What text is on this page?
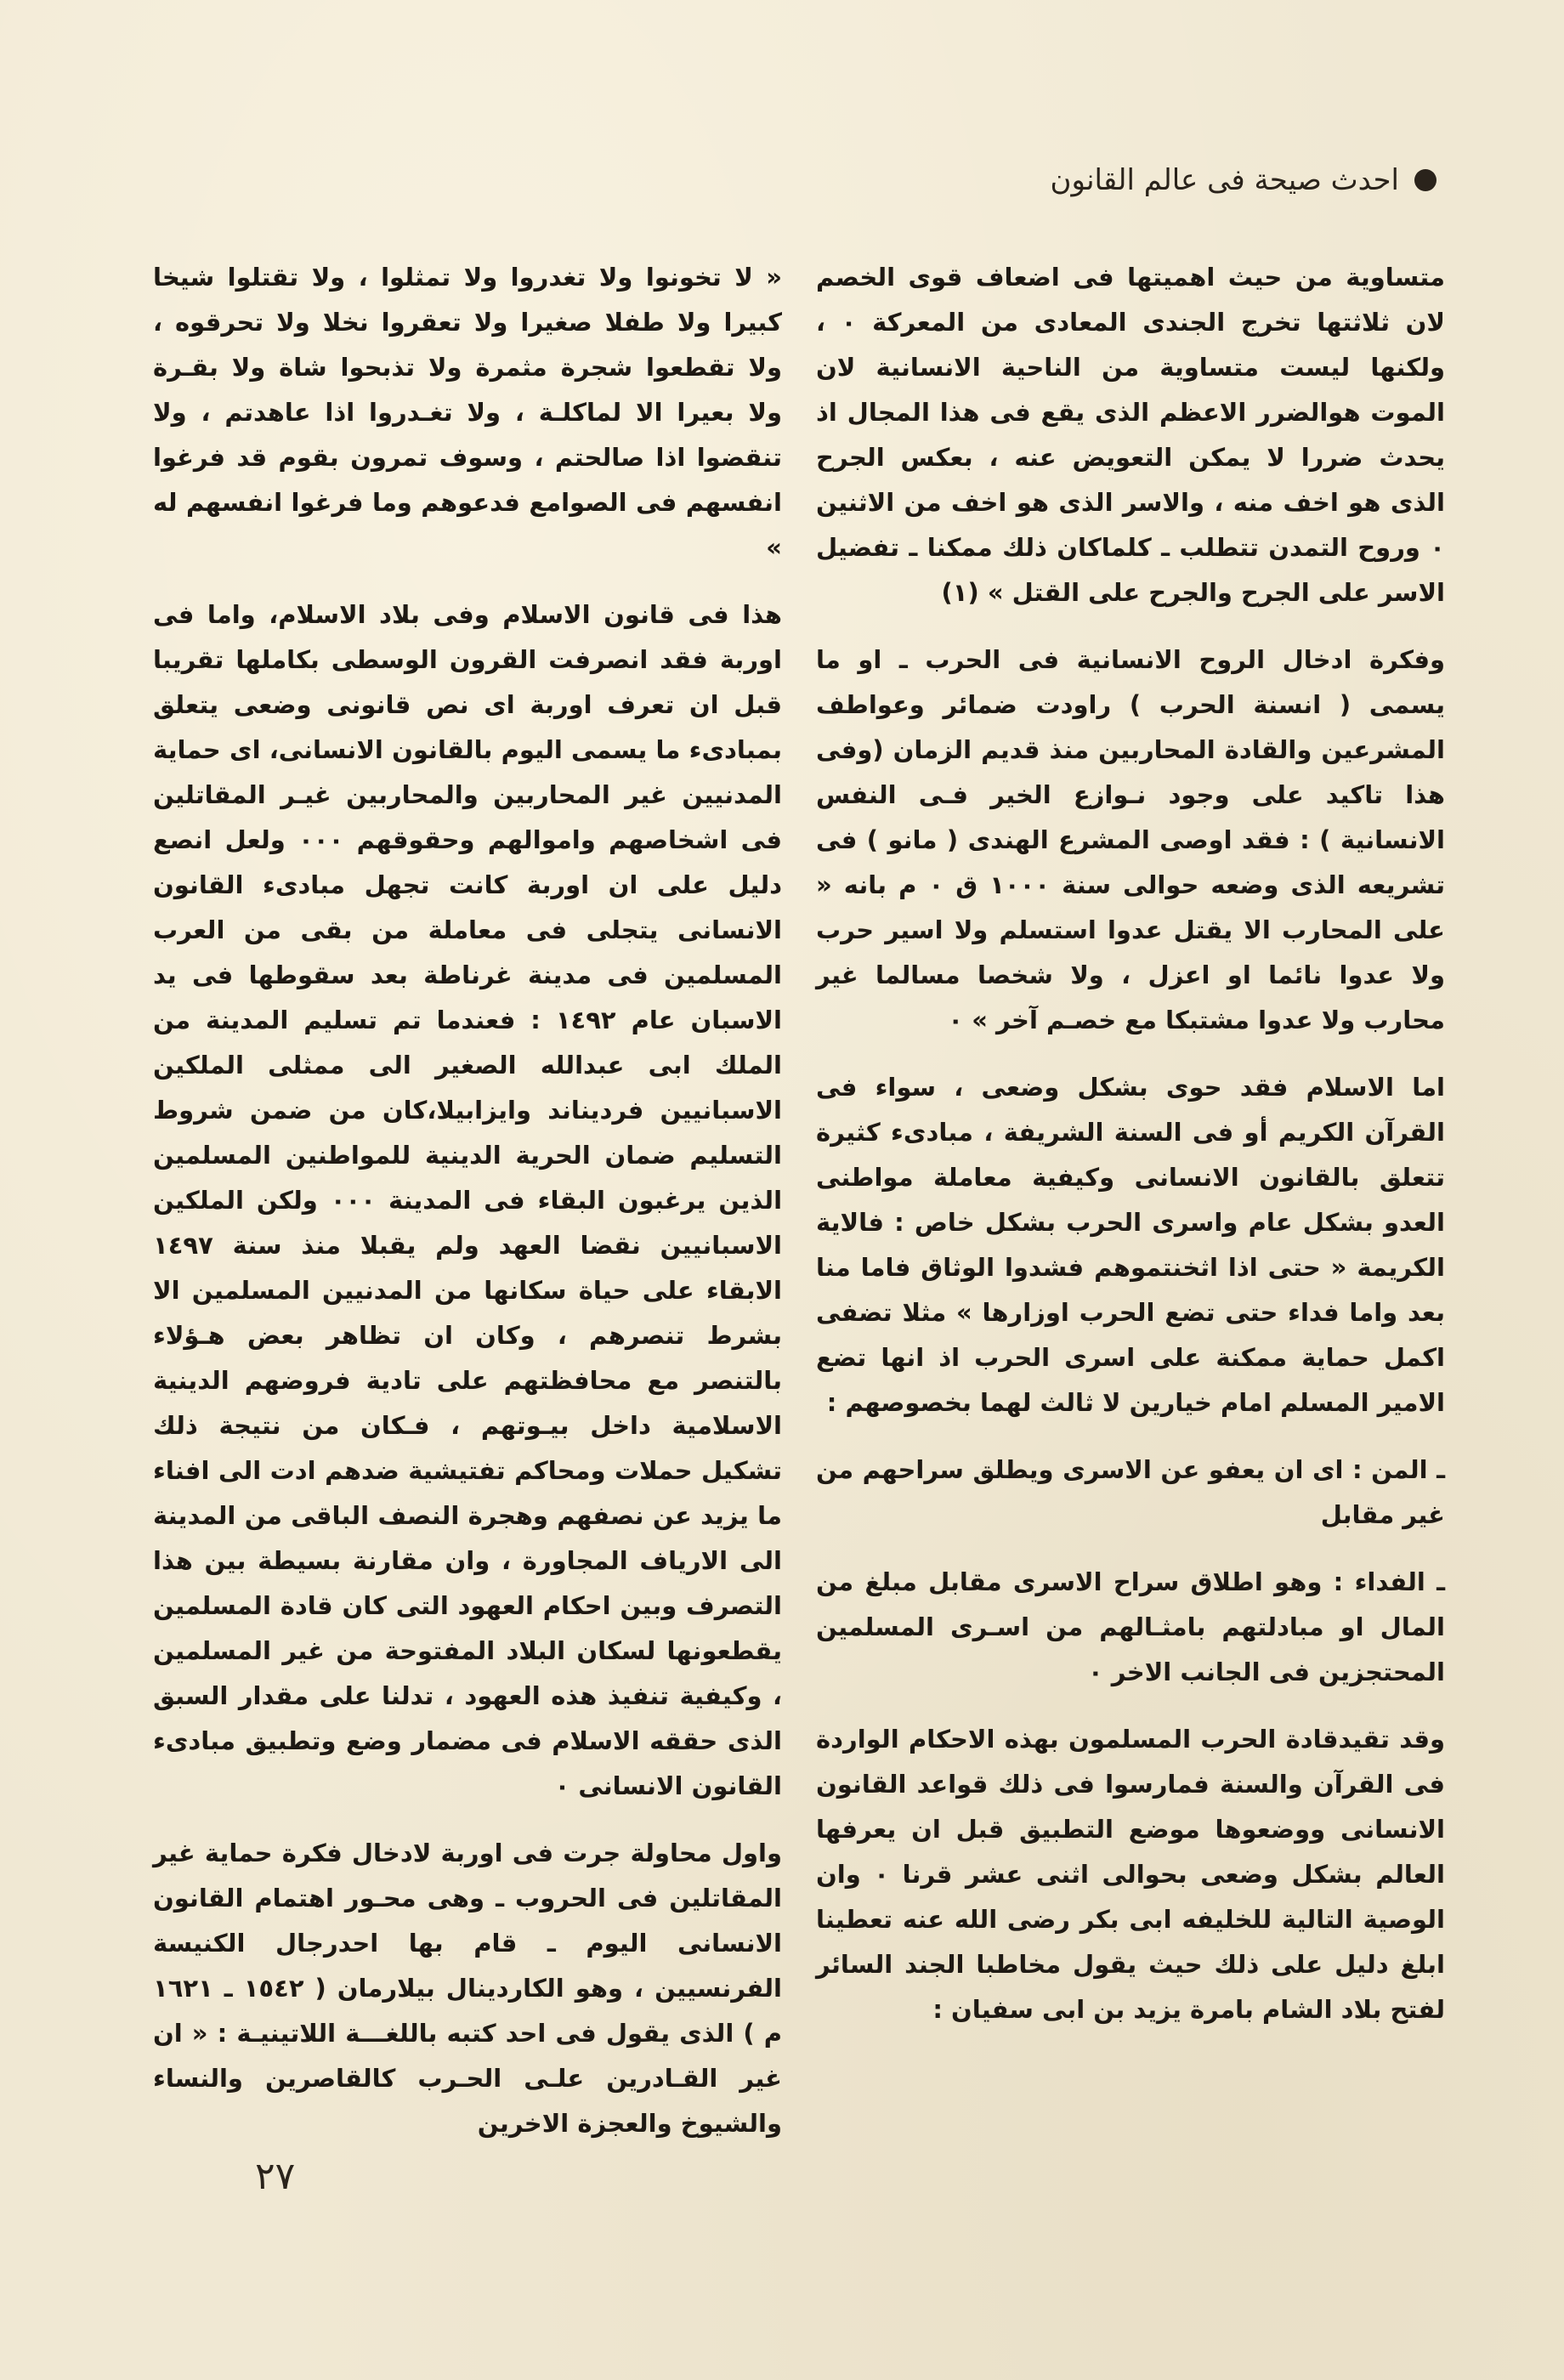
احدث صيحة فى عالم القانون

متساوية من حيث اهميتها فى اضعاف قوى الخصم لان ثلاثتها تخرج الجندى المعادى من المعركة ٠ ، ولكنها ليست متساوية من الناحية الانسانية لان الموت هوالضرر الاعظم الذى يقع فى هذا المجال اذ يحدث ضررا لا يمكن التعويض عنه ، بعكس الجرح الذى هو اخف منه ، والاسر الذى هو اخف من الاثنين ٠ وروح التمدن تتطلب ـ كلماكان ذلك ممكنا ـ تفضيل الاسر على الجرح والجرح على القتل » (١)

وفكرة ادخال الروح الانسانية فى الحرب ـ او ما يسمى ( انسنة الحرب ) راودت ضمائر وعواطف المشرعين والقادة المحاربين منذ قديم الزمان (وفى هذا تاكيد على وجود نـوازع الخير فـى النفس الانسانية ) : فقد اوصى المشرع الهندى ( مانو ) فى تشريعه الذى وضعه حوالى سنة ١٠٠٠ ق ٠ م بانه « على المحارب الا يقتل عدوا استسلم ولا اسير حرب ولا عدوا نائما او اعزل ، ولا شخصا مسالما غير محارب ولا عدوا مشتبكا مع خصـم آخر » ٠

اما الاسلام فقد حوى بشكل وضعى ، سواء فى القرآن الكريم أو فى السنة الشريفة ، مبادىء كثيرة تتعلق بالقانون الانسانى وكيفية معاملة مواطنى العدو بشكل عام واسرى الحرب بشكل خاص : فالاية الكريمة « حتى اذا اثخنتموهم فشدوا الوثاق فاما منا بعد واما فداء حتى تضع الحرب اوزارها » مثلا تضفى اكمل حماية ممكنة على اسرى الحرب اذ انها تضع الامير المسلم امام خيارين لا ثالث لهما بخصوصهم :

ـ المن : اى ان يعفو عن الاسرى ويطلق سراحهم من غير مقابل

ـ الفداء : وهو اطلاق سراح الاسرى مقابل مبلغ من المال او مبادلتهم بامثـالهم من اسـرى المسلمين المحتجزين فى الجانب الاخر ٠

وقد تقيدقادة الحرب المسلمون بهذه الاحكام الواردة فى القرآن والسنة فمارسوا فى ذلك قواعد القانون الانسانى ووضعوها موضع التطبيق قبل ان يعرفها العالم بشكل وضعى بحوالى اثنى عشر قرنا ٠ وان الوصية التالية للخليفه ابى بكر رضى الله عنه تعطينا ابلغ دليل على ذلك حيث يقول مخاطبا الجند السائر لفتح بلاد الشام بامرة يزيد بن ابى سفيان :

« لا تخونوا ولا تغدروا ولا تمثلوا ، ولا تقتلوا شيخا كبيرا ولا طفلا صغيرا ولا تعقروا نخلا ولا تحرقوه ، ولا تقطعوا شجرة مثمرة ولا تذبحوا شاة ولا بقـرة ولا بعيرا الا لماكلـة ، ولا تغـدروا اذا عاهدتم ، ولا تنقضوا اذا صالحتم ، وسوف تمرون بقوم قد فرغوا انفسهم فى الصوامع فدعوهم وما فرغوا انفسهم له »

هذا فى قانون الاسلام وفى بلاد الاسلام، واما فى اوربة فقد انصرفت القرون الوسطى بكاملها تقريبا قبل ان تعرف اوربة اى نص قانونى وضعى يتعلق بمبادىء ما يسمى اليوم بالقانون الانسانى، اى حماية المدنيين غير المحاربين والمحاربين غيـر المقاتلين فى اشخاصهم واموالهم وحقوقهم ٠٠٠ ولعل انصع دليل على ان اوربة كانت تجهل مبادىء القانون الانسانى يتجلى فى معاملة من بقى من العرب المسلمين فى مدينة غرناطة بعد سقوطها فى يد الاسبان عام ١٤٩٢ : فعندما تم تسليم المدينة من الملك ابى عبدالله الصغير الى ممثلى الملكين الاسبانيين فرديناند وايزابيلا،كان من ضمن شروط التسليم ضمان الحرية الدينية للمواطنين المسلمين الذين يرغبون البقاء فى المدينة ٠٠٠ ولكن الملكين الاسبانيين نقضا العهد ولم يقبلا منذ سنة ١٤٩٧ الابقاء على حياة سكانها من المدنيين المسلمين الا بشرط تنصرهم ، وكان ان تظاهر بعض هـؤلاء بالتنصر مع محافظتهم على تادية فروضهم الدينية الاسلامية داخل بيـوتهم ، فـكان من نتيجة ذلك تشكيل حملات ومحاكم تفتيشية ضدهم ادت الى افناء ما يزيد عن نصفهم وهجرة النصف الباقى من المدينة الى الارياف المجاورة ، وان مقارنة بسيطة بين هذا التصرف وبين احكام العهود التى كان قادة المسلمين يقطعونها لسكان البلاد المفتوحة من غير المسلمين ، وكيفية تنفيذ هذه العهود ، تدلنا على مقدار السبق الذى حققه الاسلام فى مضمار وضع وتطبيق مبادىء القانون الانسانى ٠

واول محاولة جرت فى اوربة لادخال فكرة حماية غير المقاتلين فى الحروب ـ وهى محـور اهتمام القانون الانسانى اليوم ـ قام بها احدرجال الكنيسة الفرنسيين ، وهو الكاردينال بيلارمان ( ١٥٤٢ ـ ١٦٢١ م ) الذى يقول فى احد كتبه باللغـــة اللاتينيـة : « ان غير القـادرين علـى الحـرب كالقاصرين والنساء والشيوخ والعجزة الاخرين

٢٧
